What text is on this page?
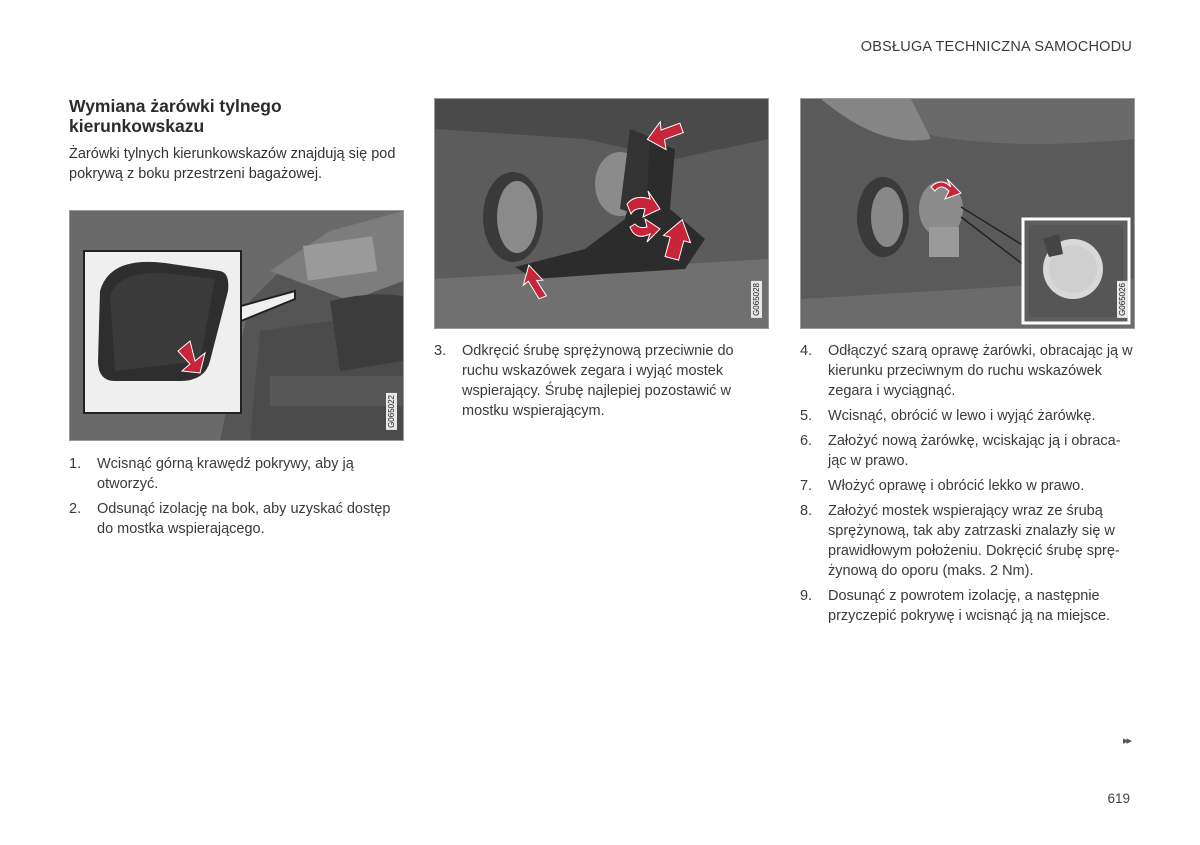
OBSŁUGA TECHNICZNA SAMOCHODU
Wymiana żarówki tylnego kierunkowskazu

Żarówki tylnych kierunkowskazów znajdują się pod pokrywą z boku przestrzeni bagażowej.

G065022
1. Wcisnąć górną krawędź pokrywy, aby ją otworzyć.
2. Odsunąć izolację na bok, aby uzyskać dostęp do mostka wspierającego.
G065028
3. Odkręcić śrubę sprężynową przeciwnie do ruchu wskazówek zegara i wyjąć mostek wspierający. Śrubę najlepiej pozostawić w mostku wspierającym.
G065026
4. Odłączyć szarą oprawę żarówki, obracając ją w kierunku przeciwnym do ruchu wskazówek zegara i wyciągnąć.
5. Wcisnąć, obrócić w lewo i wyjąć żarówkę.
6. Założyć nową żarówkę, wciskając ją i obraca-jąc w prawo.
7. Włożyć oprawę i obrócić lekko w prawo.
8. Założyć mostek wspierający wraz ze śrubą sprężynową, tak aby zatrzaski znalazły się w prawidłowym położeniu. Dokręcić śrubę sprę-żynową do oporu (maks. 2 Nm).
9. Dosunąć z powrotem izolację, a następnie przyczepić pokrywę i wcisnąć ją na miejsce.
▸▸
619
